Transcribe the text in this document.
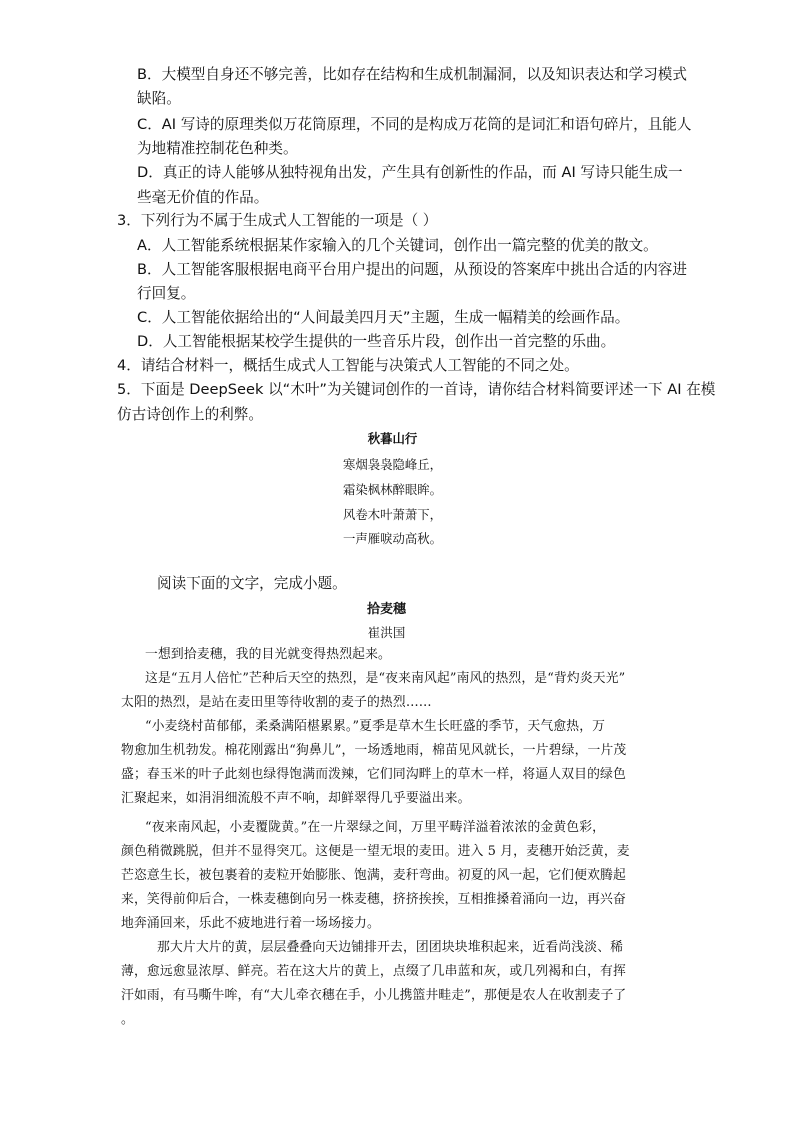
B．大模型自身还不够完善，比如存在结构和生成机制漏洞，以及知识表达和学习模式
缺陷。
C．AI 写诗的原理类似万花筒原理，不同的是构成万花筒的是词汇和语句碎片，且能人
为地精准控制花色种类。
D．真正的诗人能够从独特视角出发，产生具有创新性的作品，而 AI 写诗只能生成一
些毫无价值的作品。
3．下列行为不属于生成式人工智能的一项是（ ）
A．人工智能系统根据某作家输入的几个关键词，创作出一篇完整的优美的散文。
B．人工智能客服根据电商平台用户提出的问题，从预设的答案库中挑出合适的内容进
行回复。
C．人工智能依据给出的“人间最美四月天”主题，生成一幅精美的绘画作品。
D．人工智能根据某校学生提供的一些音乐片段，创作出一首完整的乐曲。
4．请结合材料一，概括生成式人工智能与决策式人工智能的不同之处。
5．下面是 DeepSeek 以“木叶”为关键词创作的一首诗，请你结合材料简要评述一下 AI 在模
仿古诗创作上的利弊。
秋暮山行
寒烟袅袅隐峰丘，
霜染枫林醉眼眸。
风卷木叶萧萧下，
一声雁唳动高秋。
阅读下面的文字，完成小题。
拾麦穗
崔洪国
一想到拾麦穗，我的目光就变得热烈起来。
这是“五月人倍忙”芒种后天空的热烈，是“夜来南风起”南风的热烈，是“背灼炎天光”
太阳的热烈，是站在麦田里等待收割的麦子的热烈……
“小麦绕村苗郁郁，柔桑满陌椹累累。”夏季是草木生长旺盛的季节，天气愈热，万
物愈加生机勃发。棉花刚露出“狗鼻儿”，一场透地雨，棉苗见风就长，一片碧绿，一片茂
盛；春玉米的叶子此刻也绿得饱满而泼辣，它们同沟畔上的草木一样，将逼人双目的绿色
汇聚起来，如涓涓细流般不声不响，却鲜翠得几乎要溢出来。
“夜来南风起，小麦覆陇黄。”在一片翠绿之间，万里平畴洋溢着浓浓的金黄色彩，
颜色稍微跳脱，但并不显得突兀。这便是一望无垠的麦田。进入 5 月，麦穗开始泛黄，麦
芒恣意生长，被包裹着的麦粒开始膨胀、饱满，麦秆弯曲。初夏的风一起，它们便欢腾起
来，笑得前仰后合，一株麦穗倒向另一株麦穗，挤挤挨挨，互相推搡着涌向一边，再兴奋
地奔涌回来，乐此不疲地进行着一场场接力。
那大片大片的黄，层层叠叠向天边铺排开去，团团块块堆积起来，近看尚浅淡、稀
薄，愈远愈显浓厚、鲜亮。若在这大片的黄上，点缀了几串蓝和灰，或几列褐和白，有挥
汗如雨，有马嘶牛哞，有“大儿牵衣穗在手，小儿携篮井畦走”，那便是农人在收割麦子了
。
